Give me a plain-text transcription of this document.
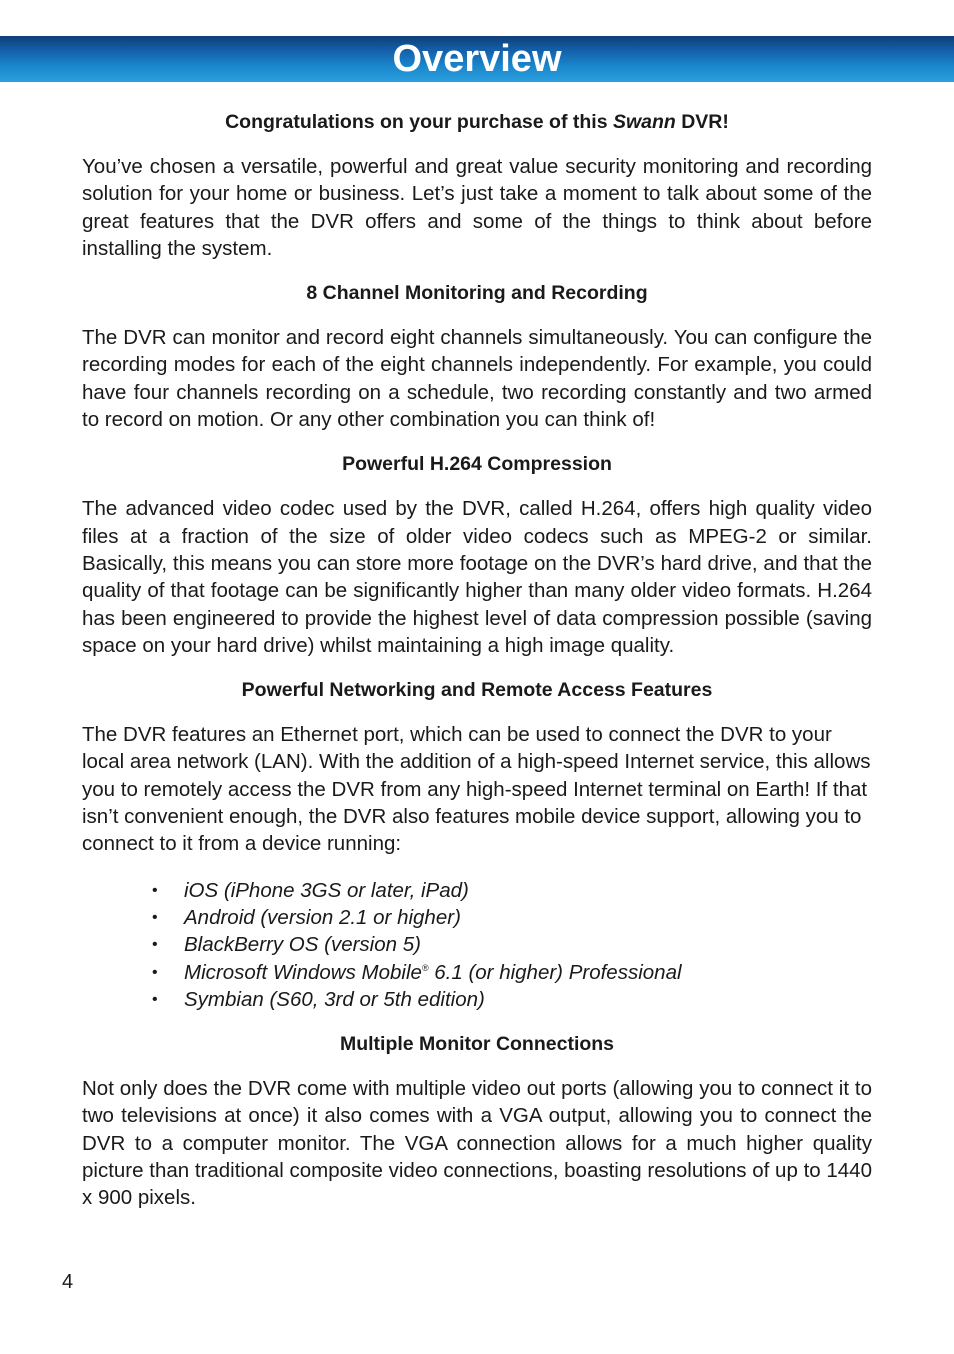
Overview

Congratulations on your purchase of this Swann DVR!

You’ve chosen a versatile, powerful and great value security monitoring and recording solution for your home or business. Let’s just take a moment to talk about some of the great features that the DVR offers and some of the things to think about before installing the system.

8 Channel Monitoring and Recording

The DVR can monitor and record eight channels simultaneously. You can configure the recording modes for each of the eight channels independently. For example, you could have four channels recording on a schedule, two recording constantly and two armed to record on motion. Or any other combination you can think of!

Powerful H.264 Compression

The advanced video codec used by the DVR, called H.264, offers high quality video files at a fraction of the size of older video codecs such as MPEG-2 or similar. Basically, this means you can store more footage on the DVR’s hard drive, and that the quality of that footage can be significantly higher than many older video formats. H.264 has been engineered to provide the highest level of data compression possible (saving space on your hard drive) whilst maintaining a high image quality.

Powerful Networking and Remote Access Features

The DVR features an Ethernet port, which can be used to connect the DVR to your local area network (LAN). With the addition of a high-speed Internet service, this allows you to remotely access the DVR from any high-speed Internet terminal on Earth! If that isn’t convenient enough, the DVR also features mobile device support, allowing you to connect to it from a device running:

• iOS (iPhone 3GS or later, iPad)
• Android (version 2.1 or higher)
• BlackBerry OS (version 5)
• Microsoft Windows Mobile® 6.1 (or higher) Professional
• Symbian (S60, 3rd or 5th edition)
Multiple Monitor Connections

Not only does the DVR come with multiple video out ports (allowing you to connect it to two televisions at once) it also comes with a VGA output, allowing you to connect the DVR to a computer monitor. The VGA connection allows for a much higher quality picture than traditional composite video connections, boasting resolutions of up to 1440 x 900 pixels.

4
